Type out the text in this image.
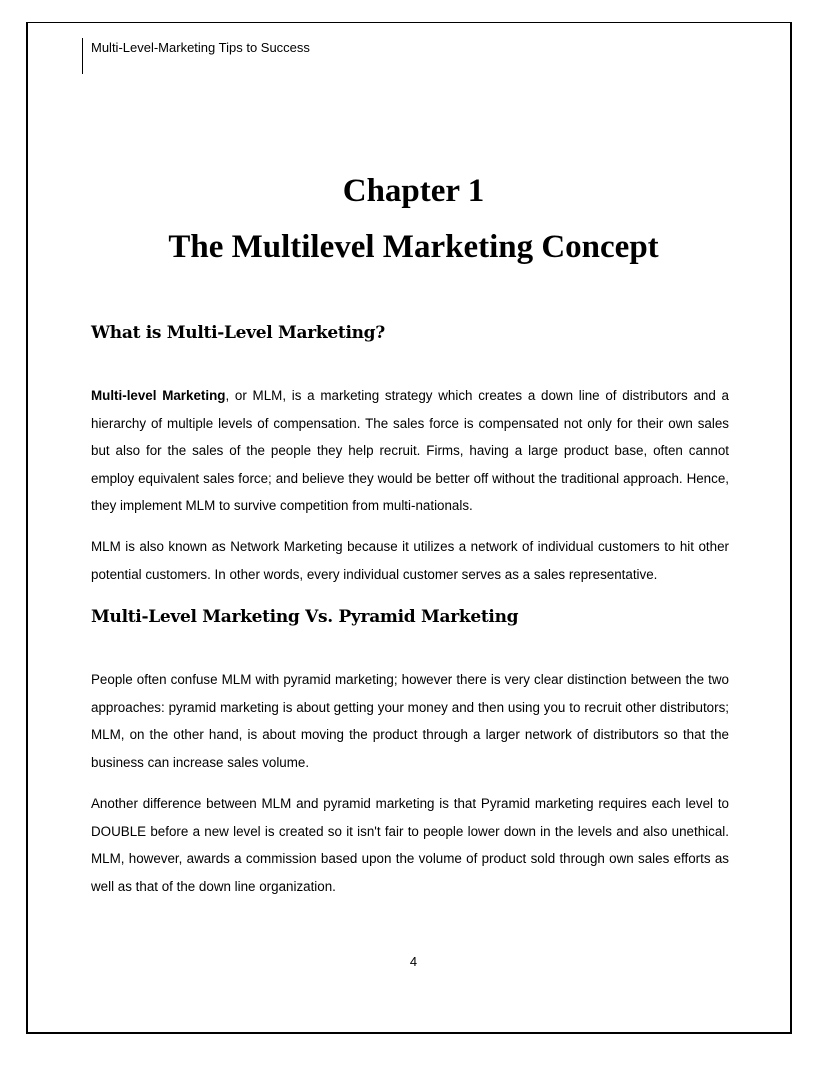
Multi-Level-Marketing Tips to Success
Chapter 1
The Multilevel Marketing Concept
What is Multi-Level Marketing?

Multi-level Marketing, or MLM, is a marketing strategy which creates a down line of distributors and a hierarchy of multiple levels of compensation. The sales force is compensated not only for their own sales but also for the sales of the people they help recruit. Firms, having a large product base, often cannot employ equivalent sales force; and believe they would be better off without the traditional approach. Hence, they implement MLM to survive competition from multi-nationals.

MLM is also known as Network Marketing because it utilizes a network of individual customers to hit other potential customers. In other words, every individual customer serves as a sales representative.

Multi-Level Marketing Vs. Pyramid Marketing

People often confuse MLM with pyramid marketing; however there is very clear distinction between the two approaches: pyramid marketing is about getting your money and then using you to recruit other distributors; MLM, on the other hand, is about moving the product through a larger network of distributors so that the business can increase sales volume.

Another difference between MLM and pyramid marketing is that Pyramid marketing requires each level to DOUBLE before a new level is created so it isn't fair to people lower down in the levels and also unethical. MLM, however, awards a commission based upon the volume of product sold through own sales efforts as well as that of the down line organization.

4
